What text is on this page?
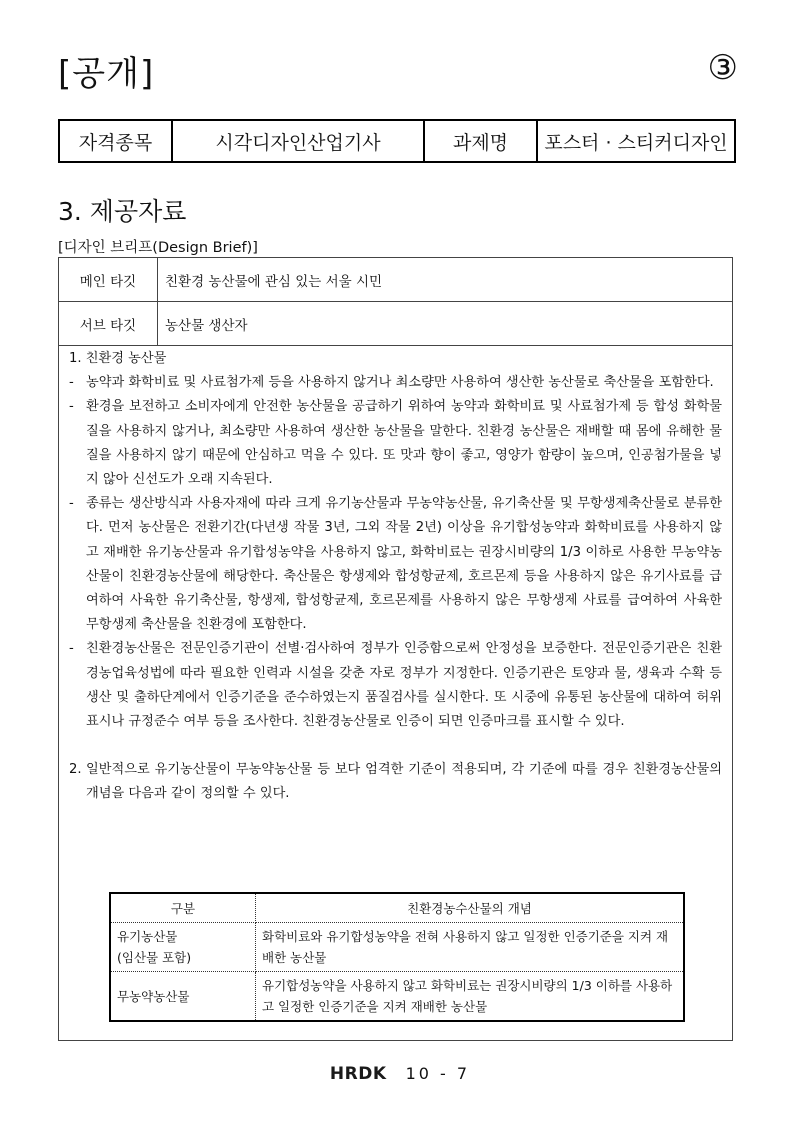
[공개]	③
자격종목	시각디자인산업기사	과제명	포스터 · 스티커디자인
3. 제공자료
[디자인 브리프(Design Brief)]
메인 타깃	친환경 농산물에 관심 있는 서울 시민
서브 타깃	농산물 생산자

1. 친환경 농산물

- 농약과 화학비료 및 사료첨가제 등을 사용하지 않거나 최소량만 사용하여 생산한 농산물로 축산물을 포함한다.
- 환경을 보전하고 소비자에게 안전한 농산물을 공급하기 위하여 농약과 화학비료 및 사료첨가제 등 합성 화학물질을 사용하지 않거나, 최소량만 사용하여 생산한 농산물을 말한다. 친환경 농산물은 재배할 때 몸에 유해한 물질을 사용하지 않기 때문에 안심하고 먹을 수 있다. 또 맛과 향이 좋고, 영양가 함량이 높으며, 인공첨가물을 넣지 않아 신선도가 오래 지속된다.
- 종류는 생산방식과 사용자재에 따라 크게 유기농산물과 무농약농산물, 유기축산물 및 무항생제축산물로 분류한다. 먼저 농산물은 전환기간(다년생 작물 3년, 그외 작물 2년) 이상을 유기합성농약과 화학비료를 사용하지 않고 재배한 유기농산물과 유기합성농약을 사용하지 않고, 화학비료는 권장시비량의 1/3 이하로 사용한 무농약농산물이 친환경농산물에 해당한다. 축산물은 항생제와 합성항균제, 호르몬제 등을 사용하지 않은 유기사료를 급여하여 사육한 유기축산물, 항생제, 합성항균제, 호르몬제를 사용하지 않은 무항생제 사료를 급여하여 사육한 무항생제 축산물을 친환경에 포함한다.
- 친환경농산물은 전문인증기관이 선별·검사하여 정부가 인증함으로써 안정성을 보증한다. 전문인증기관은 친환경농업육성법에 따라 필요한 인력과 시설을 갖춘 자로 정부가 지정한다. 인증기관은 토양과 물, 생육과 수확 등 생산 및 출하단계에서 인증기준을 준수하였는지 품질검사를 실시한다. 또 시중에 유통된 농산물에 대하여 허위표시나 규정준수 여부 등을 조사한다. 친환경농산물로 인증이 되면 인증마크를 표시할 수 있다.
2. 일반적으로 유기농산물이 무농약농산물 등 보다 엄격한 기준이 적용되며, 각 기준에 따를 경우 친환경농산물의 개념을 다음과 같이 정의할 수 있다.
구분	친환경농수산물의 개념

유기농산물
(임산물 포함)	화학비료와 유기합성농약을 전혀 사용하지 않고 일정한 인증기준을 지켜 재배한 농산물

무농약농산물	유기합성농약을 사용하지 않고 화학비료는 권장시비량의 1/3 이하를 사용하고 일정한 인증기준을 지켜 재배한 농산물
HRDK 10 - 7
